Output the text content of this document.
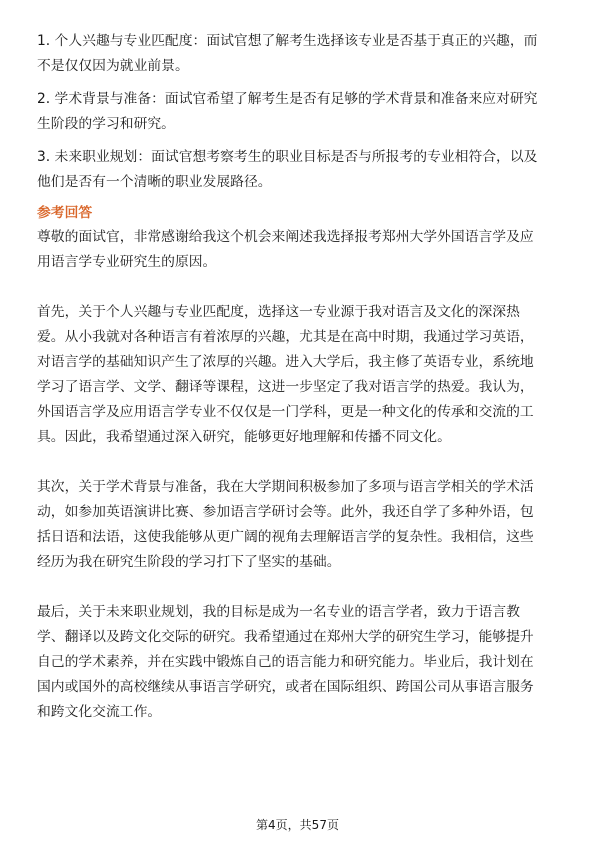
1. 个人兴趣与专业匹配度：面试官想了解考生选择该专业是否基于真正的兴趣，而
不是仅仅因为就业前景。

2. 学术背景与准备：面试官希望了解考生是否有足够的学术背景和准备来应对研究
生阶段的学习和研究。

3. 未来职业规划：面试官想考察考生的职业目标是否与所报考的专业相符合，以及
他们是否有一个清晰的职业发展路径。

参考回答

尊敬的面试官，非常感谢给我这个机会来阐述我选择报考郑州大学外国语言学及应
用语言学专业研究生的原因。

首先，关于个人兴趣与专业匹配度，选择这一专业源于我对语言及文化的深深热
爱。从小我就对各种语言有着浓厚的兴趣，尤其是在高中时期，我通过学习英语，
对语言学的基础知识产生了浓厚的兴趣。进入大学后，我主修了英语专业，系统地
学习了语言学、文学、翻译等课程，这进一步坚定了我对语言学的热爱。我认为，
外国语言学及应用语言学专业不仅仅是一门学科，更是一种文化的传承和交流的工
具。因此，我希望通过深入研究，能够更好地理解和传播不同文化。

其次，关于学术背景与准备，我在大学期间积极参加了多项与语言学相关的学术活
动，如参加英语演讲比赛、参加语言学研讨会等。此外，我还自学了多种外语，包
括日语和法语，这使我能够从更广阔的视角去理解语言学的复杂性。我相信，这些
经历为我在研究生阶段的学习打下了坚实的基础。

最后，关于未来职业规划，我的目标是成为一名专业的语言学者，致力于语言教
学、翻译以及跨文化交际的研究。我希望通过在郑州大学的研究生学习，能够提升
自己的学术素养，并在实践中锻炼自己的语言能力和研究能力。毕业后，我计划在
国内或国外的高校继续从事语言学研究，或者在国际组织、跨国公司从事语言服务
和跨文化交流工作。

第4页，共57页
